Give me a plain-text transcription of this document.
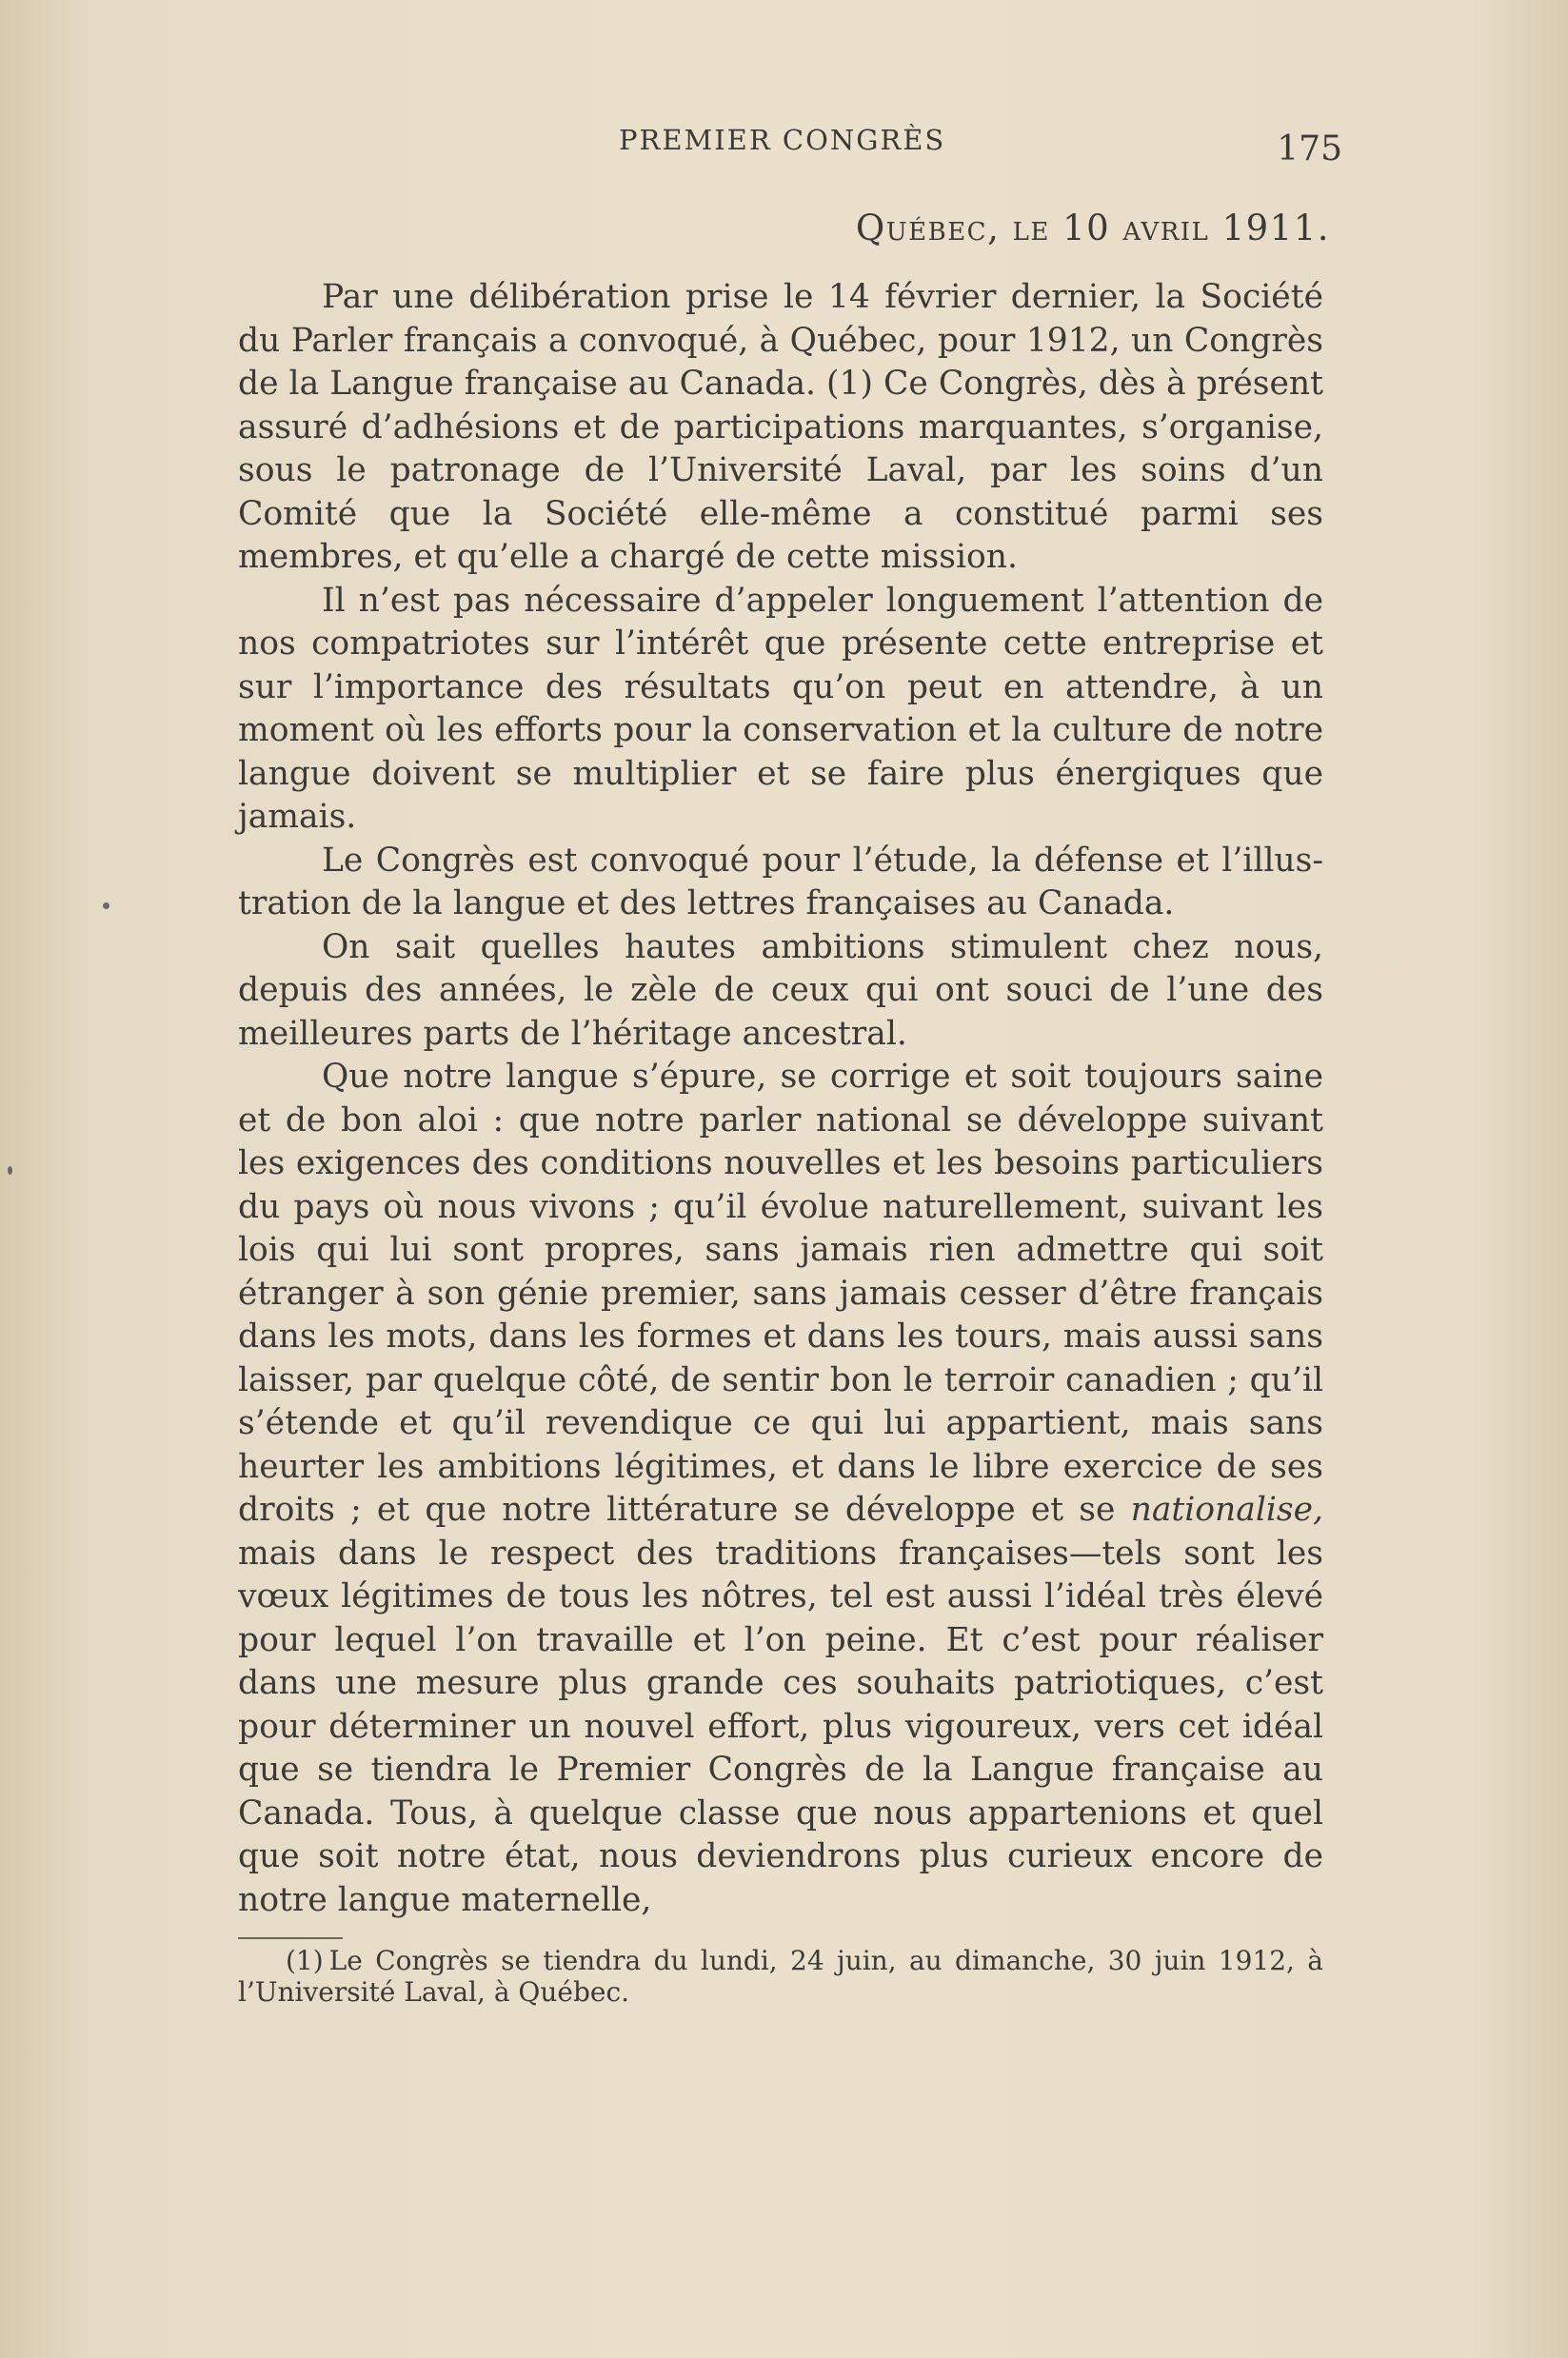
PREMIER CONGRÈS	175
Québec, le 10 avril 1911.

Par une délibération prise le 14 février dernier, la Société du Parler français a convoqué, à Québec, pour 1912, un Congrès de la Langue française au Canada. (1) Ce Congrès, dès à présent assuré d’adhésions et de participations marquantes, s’organise, sous le patronage de l’Université Laval, par les soins d’un Comité que la Société elle-même a constitué parmi ses membres, et qu’elle a chargé de cette mission.

Il n’est pas nécessaire d’appeler longuement l’attention de nos compatriotes sur l’intérêt que présente cette entreprise et sur l’importance des résultats qu’on peut en attendre, à un moment où les efforts pour la conservation et la culture de notre langue doivent se multiplier et se faire plus énergiques que jamais.

Le Congrès est convoqué pour l’étude, la défense et l’illustration de la langue et des lettres françaises au Canada.

On sait quelles hautes ambitions stimulent chez nous, depuis des années, le zèle de ceux qui ont souci de l’une des meilleures parts de l’héritage ancestral.

Que notre langue s’épure, se corrige et soit toujours saine et de bon aloi : que notre parler national se développe suivant les exigences des conditions nouvelles et les besoins particuliers du pays où nous vivons ; qu’il évolue naturellement, suivant les lois qui lui sont propres, sans jamais rien admettre qui soit étranger à son génie premier, sans jamais cesser d’être français dans les mots, dans les formes et dans les tours, mais aussi sans laisser, par quelque côté, de sentir bon le terroir canadien ; qu’il s’étende et qu’il revendique ce qui lui appartient, mais sans heurter les ambitions légitimes, et dans le libre exercice de ses droits ; et que notre littérature se développe et se nationalise, mais dans le respect des traditions françaises—tels sont les vœux légitimes de tous les nôtres, tel est aussi l’idéal très élevé pour lequel l’on travaille et l’on peine. Et c’est pour réaliser dans une mesure plus grande ces souhaits patriotiques, c’est pour déterminer un nouvel effort, plus vigoureux, vers cet idéal que se tiendra le Premier Congrès de la Langue française au Canada. Tous, à quelque classe que nous appartenions et quel que soit notre état, nous deviendrons plus curieux encore de notre langue maternelle,

(1) Le Congrès se tiendra du lundi, 24 juin, au dimanche, 30 juin 1912, à l’Université Laval, à Québec.
